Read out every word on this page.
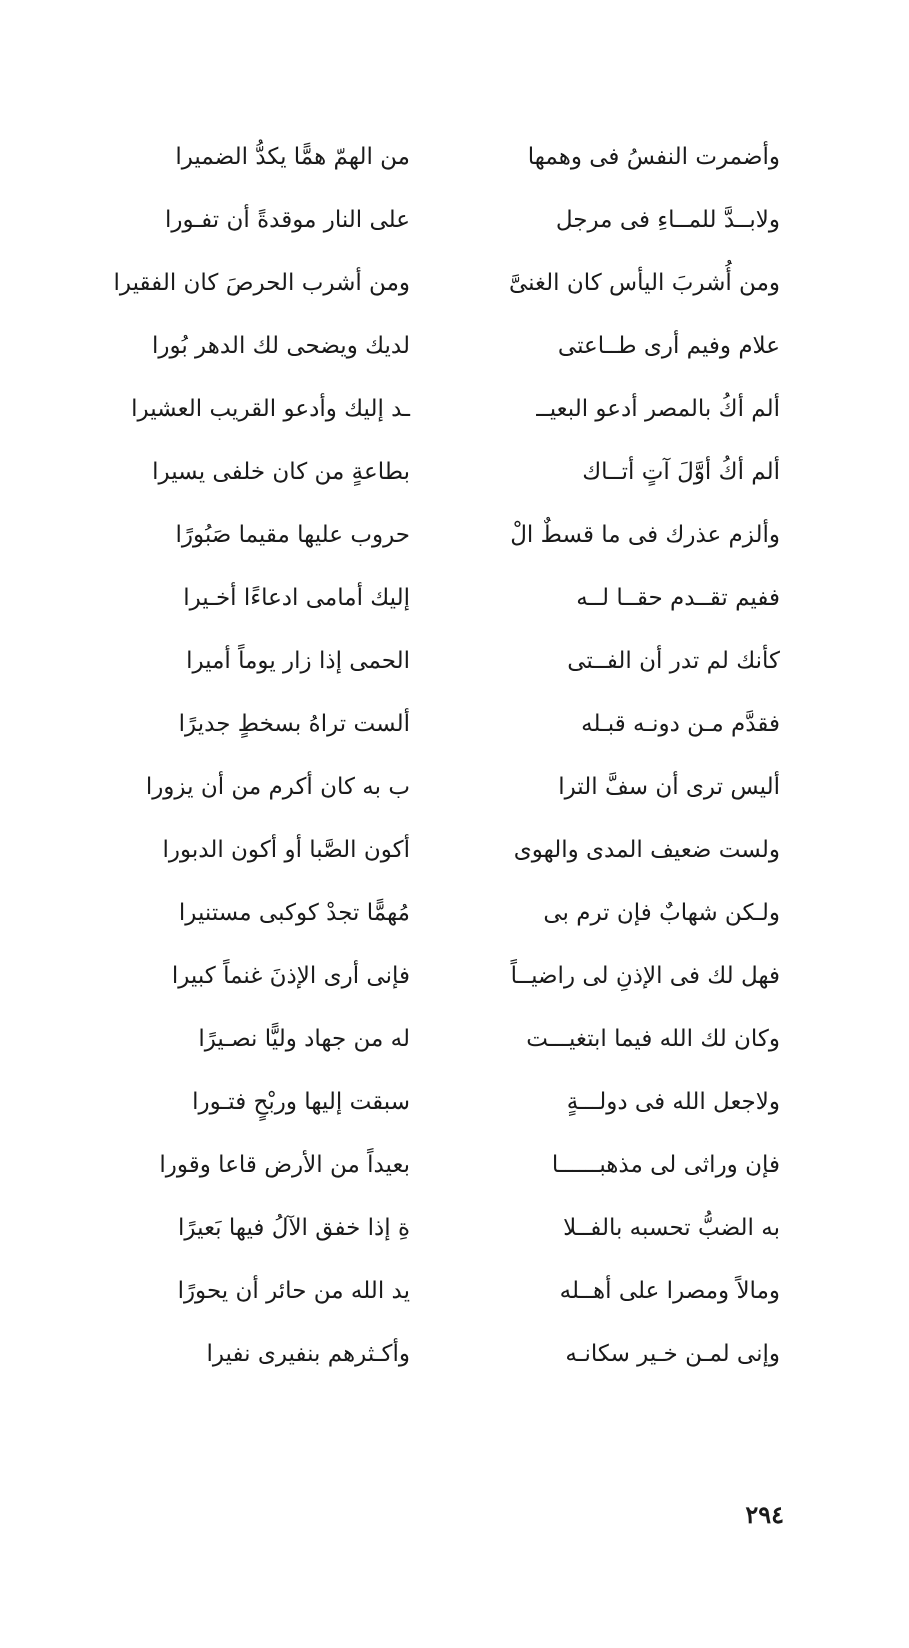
وأضمرت النفسُ فى وهمها
من الهمّ همًّا يكدُّ الضميرا
ولابــدَّ للمــاءِ فى مرجل
على النار موقدةً أن تفـورا
ومن أُشربَ اليأس كان الغنىَّ
ومن أشرب الحرصَ كان الفقيرا
علام وفيم أرى طــاعتى
لديك ويضحى لك الدهر بُورا
ألم أكُ بالمصر أدعو البعيــ
ـد إليك وأدعو القريب العشيرا
ألم أكُ أوَّلَ آتٍ أتــاك
بطاعةٍ من كان خلفى يسيرا
وألزم عذرك فى ما قسطٌ الْ
حروب عليها مقيما صَبُورًا
ففيم تقــدم حقــا لــه
إليك أمامى ادعاءًا أخـيرا
كأنك لم تدر أن الفــتى
الحمى إذا زار يوماً أميرا
فقدَّم مـن دونـه قبـله
ألست تراهُ بسخطٍ جديرًا
أليس ترى أن سفَّ الترا
ب به كان أكرم من أن يزورا
ولست ضعيف المدى والهوى
أكون الصَّبا أو أكون الدبورا
ولـكن شهابٌ فإن ترم بى
مُهمًّا تجدْ كوكبى مستنيرا
فهل لك فى الإذنِ لى راضيــاً
فإنى أرى الإذنَ غنماً كبيرا
وكان لك الله فيما ابتغيـــت
له من جهاد وليًّا نصـيرًا
ولاجعل الله فى دولـــةٍ
سبقت إليها وربْحٍ فتـورا
فإن وراثى لى مذهبــــــا
بعيداً من الأرض قاعا وقورا
به الضبُّ تحسبه بالفــلا
ةِ إذا خفق الآلُ فيها بَعيرًا
ومالاً ومصرا على أهــله
يد الله من حائر أن يحورًا
وإنى لمـن خـير سكانـه
وأكـثرهم بنفيرى نفيرا
٢٩٤
